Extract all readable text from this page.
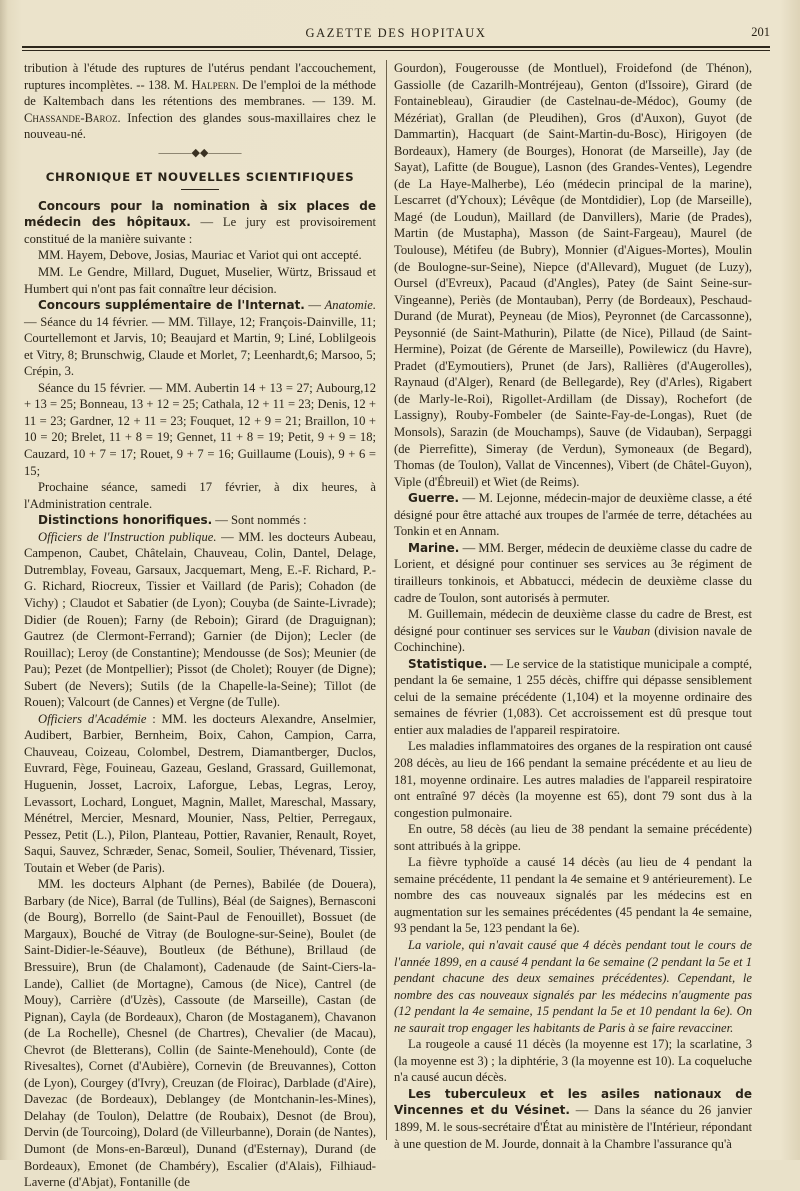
GAZETTE DES HOPITAUX	201

tribution à l'étude des ruptures de l'utérus pendant l'accouchement, ruptures incomplètes. -- 138. M. Halpern. De l'emploi de la méthode de Kaltembach dans les rétentions des membranes. — 139. M. Chassande-Baroz. Infection des glandes sous-maxillaires chez le nouveau-né.

———◆◆———
CHRONIQUE ET NOUVELLES SCIENTIFIQUES

Concours pour la nomination à six places de médecin des hôpitaux. — Le jury est provisoirement constitué de la manière suivante :

MM. Hayem, Debove, Josias, Mauriac et Variot qui ont accepté.

MM. Le Gendre, Millard, Duguet, Muselier, Würtz, Brissaud et Humbert qui n'ont pas fait connaître leur décision.

Concours supplémentaire de l'Internat. — Anatomie. — Séance du 14 février. — MM. Tillaye, 12; François-Dainville, 11; Courtellemont et Jarvis, 10; Beaujard et Martin, 9; Liné, Loblilgeois et Vitry, 8; Brunschwig, Claude et Morlet, 7; Leenhardt,6; Marsoo, 5; Crépin, 3.

Séance du 15 février. — MM. Aubertin 14 + 13 = 27; Aubourg,12 + 13 = 25; Bonneau, 13 + 12 = 25; Cathala, 12 + 11 = 23; Denis, 12 + 11 = 23; Gardner, 12 + 11 = 23; Fouquet, 12 + 9 = 21; Braillon, 10 + 10 = 20; Brelet, 11 + 8 = 19; Gennet, 11 + 8 = 19; Petit, 9 + 9 = 18; Cauzard, 10 + 7 = 17; Rouet, 9 + 7 = 16; Guillaume (Louis), 9 + 6 = 15;

Prochaine séance, samedi 17 février, à dix heures, à l'Administration centrale.

Distinctions honorifiques. — Sont nommés :

Officiers de l'Instruction publique. — MM. les docteurs Aubeau, Campenon, Caubet, Châtelain, Chauveau, Colin, Dantel, Delage, Dutremblay, Foveau, Garsaux, Jacquemart, Meng, E.-F. Richard, P.-G. Richard, Riocreux, Tissier et Vaillard (de Paris); Cohadon (de Vichy) ; Claudot et Sabatier (de Lyon); Couyba (de Sainte-Livrade); Didier (de Rouen); Farny (de Reboin); Girard (de Draguignan); Gautrez (de Clermont-Ferrand); Garnier (de Dijon); Lecler (de Rouillac); Leroy (de Constantine); Mendousse (de Sos); Meunier (de Pau); Pezet (de Montpellier); Pissot (de Cholet); Rouyer (de Digne); Subert (de Nevers); Sutils (de la Chapelle-la-Seine); Tillot (de Rouen); Valcourt (de Cannes) et Vergne (de Tulle).

Officiers d'Académie : MM. les docteurs Alexandre, Anselmier, Audibert, Barbier, Bernheim, Boix, Cahon, Campion, Carra, Chauveau, Coizeau, Colombel, Destrem, Diamantberger, Duclos, Euvrard, Fège, Fouineau, Gazeau, Gesland, Grassard, Guillemonat, Huguenin, Josset, Lacroix, Laforgue, Lebas, Legras, Leroy, Levassort, Lochard, Longuet, Magnin, Mallet, Mareschal, Massary, Ménétrel, Mercier, Mesnard, Mounier, Nass, Peltier, Perregaux, Pessez, Petit (L.), Pilon, Planteau, Pottier, Ravanier, Renault, Royet, Saqui, Sauvez, Schræder, Senac, Someil, Soulier, Thévenard, Tissier, Toutain et Weber (de Paris).

MM. les docteurs Alphant (de Pernes), Babilée (de Douera), Barbary (de Nice), Barral (de Tullins), Béal (de Saignes), Bernasconi (de Bourg), Borrello (de Saint-Paul de Fenouillet), Bossuet (de Margaux), Bouché de Vitray (de Boulogne-sur-Seine), Boulet (de Saint-Didier-le-Séauve), Boutleux (de Béthune), Brillaud (de Bressuire), Brun (de Chalamont), Cadenaude (de Saint-Ciers-la-Lande), Calliet (de Mortagne), Camous (de Nice), Cantrel (de Mouy), Carrière (d'Uzès), Cassoute (de Marseille), Castan (de Pignan), Cayla (de Bordeaux), Charon (de Mostaganem), Chavanon (de La Rochelle), Chesnel (de Chartres), Chevalier (de Macau), Chevrot (de Bletterans), Collin (de Sainte-Menehould), Conte (de Rivesaltes), Cornet (d'Aubière), Cornevin (de Breuvannes), Cotton (de Lyon), Courgey (d'Ivry), Creuzan (de Floirac), Darblade (d'Aire), Davezac (de Bordeaux), Deblangey (de Montchanin-les-Mines), Delahay (de Toulon), Delattre (de Roubaix), Desnot (de Brou), Dervin (de Tourcoing), Dolard (de Villeurbanne), Dorain (de Nantes), Dumont (de Mons-en-Barœul), Dunand (d'Esternay), Durand (de Bordeaux), Emonet (de Chambéry), Escalier (d'Alais), Filhiaud-Laverne (d'Abjat), Fontanille (de

Gourdon), Fougerousse (de Montluel), Froidefond (de Thénon), Gassiolle (de Cazarilh-Montréjeau), Genton (d'Issoire), Girard (de Fontainebleau), Giraudier (de Castelnau-de-Médoc), Goumy (de Mézériat), Grallan (de Pleudihen), Gros (d'Auxon), Guyot (de Dammartin), Hacquart (de Saint-Martin-du-Bosc), Hirigoyen (de Bordeaux), Hamery (de Bourges), Honorat (de Marseille), Jay (de Sayat), Lafitte (de Bougue), Lasnon (des Grandes-Ventes), Legendre (de La Haye-Malherbe), Léo (médecin principal de la marine), Lescarret (d'Ychoux); Lévêque (de Montdidier), Lop (de Marseille), Magé (de Loudun), Maillard (de Danvillers), Marie (de Prades), Martin (de Mustapha), Masson (de Saint-Fargeau), Maurel (de Toulouse), Métifeu (de Bubry), Monnier (d'Aigues-Mortes), Moulin (de Boulogne-sur-Seine), Niepce (d'Allevard), Muguet (de Luzy), Oursel (d'Evreux), Pacaud (d'Angles), Patey (de Saint Seine-sur-Vingeanne), Periès (de Montauban), Perry (de Bordeaux), Peschaud-Durand (de Murat), Peyneau (de Mios), Peyronnet (de Carcassonne), Peysonnié (de Saint-Mathurin), Pilatte (de Nice), Pillaud (de Saint-Hermine), Poizat (de Gérente de Marseille), Powilewicz (du Havre), Pradet (d'Eymoutiers), Prunet (de Jars), Rallières (d'Augerolles), Raynaud (d'Alger), Renard (de Bellegarde), Rey (d'Arles), Rigabert (de Marly-le-Roi), Rigollet-Ardillam (de Dissay), Rochefort (de Lassigny), Rouby-Fombeler (de Sainte-Fay-de-Longas), Ruet (de Monsols), Sarazin (de Mouchamps), Sauve (de Vidauban), Serpaggi (de Pierrefitte), Simeray (de Verdun), Symoneaux (de Begard), Thomas (de Toulon), Vallat de Vincennes), Vibert (de Châtel-Guyon), Viple (d'Ébreuil) et Wiet (de Reims).

Guerre. — M. Lejonne, médecin-major de deuxième classe, a été désigné pour être attaché aux troupes de l'armée de terre, détachées au Tonkin et en Annam.

Marine. — MM. Berger, médecin de deuxième classe du cadre de Lorient, et désigné pour continuer ses services au 3e régiment de tirailleurs tonkinois, et Abbatucci, médecin de deuxième classe du cadre de Toulon, sont autorisés à permuter.

M. Guillemain, médecin de deuxième classe du cadre de Brest, est désigné pour continuer ses services sur le Vauban (division navale de Cochinchine).

Statistique. — Le service de la statistique municipale a compté, pendant la 6e semaine, 1 255 décès, chiffre qui dépasse sensiblement celui de la semaine précédente (1,104) et la moyenne ordinaire des semaines de février (1,083). Cet accroissement est dû presque tout entier aux maladies de l'appareil respiratoire.

Les maladies inflammatoires des organes de la respiration ont causé 208 décès, au lieu de 166 pendant la semaine précédente et au lieu de 181, moyenne ordinaire. Les autres maladies de l'appareil respiratoire ont entraîné 97 décès (la moyenne est 65), dont 79 sont dus à la congestion pulmonaire.

En outre, 58 décès (au lieu de 38 pendant la semaine précédente) sont attribués à la grippe.

La fièvre typhoïde a causé 14 décès (au lieu de 4 pendant la semaine précédente, 11 pendant la 4e semaine et 9 antérieurement). Le nombre des cas nouveaux signalés par les médecins est en augmentation sur les semaines précédentes (45 pendant la 4e semaine, 93 pendant la 5e, 123 pendant la 6e).

La variole, qui n'avait causé que 4 décès pendant tout le cours de l'année 1899, en a causé 4 pendant la 6e semaine (2 pendant la 5e et 1 pendant chacune des deux semaines précédentes). Cependant, le nombre des cas nouveaux signalés par les médecins n'augmente pas (12 pendant la 4e semaine, 15 pendant la 5e et 10 pendant la 6e). On ne saurait trop engager les habitants de Paris à se faire revacciner.

La rougeole a causé 11 décès (la moyenne est 17); la scarlatine, 3 (la moyenne est 3) ; la diphtérie, 3 (la moyenne est 10). La coqueluche n'a causé aucun décès.

Les tuberculeux et les asiles nationaux de Vincennes et du Vésinet. — Dans la séance du 26 janvier 1899, M. le sous-secrétaire d'État au ministère de l'Intérieur, répondant à une question de M. Jourde, donnait à la Chambre l'assurance qu'à
